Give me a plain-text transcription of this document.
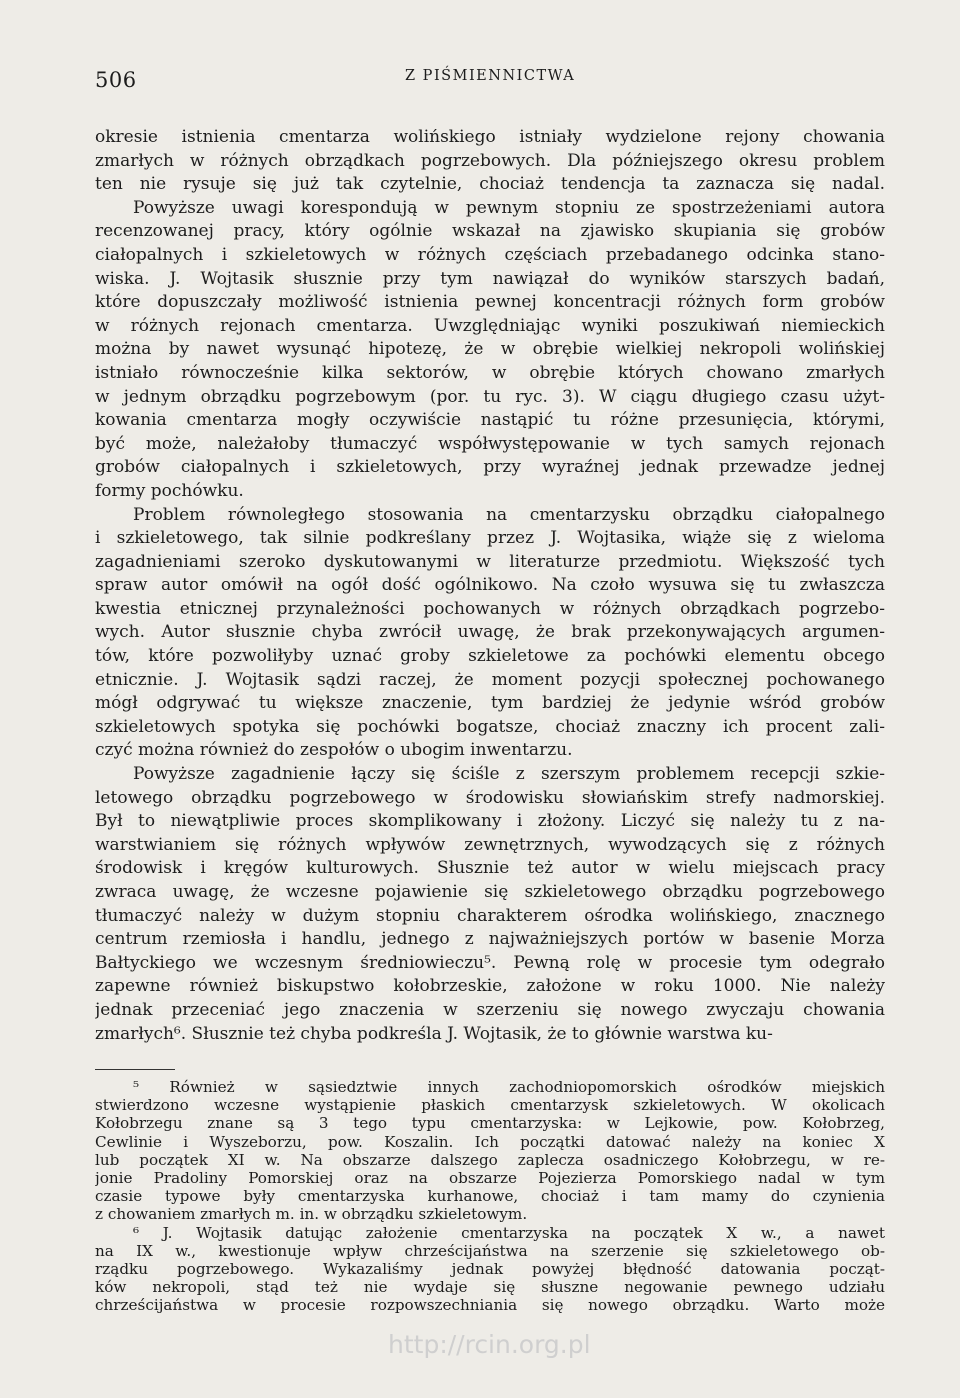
506	Z PIŚMIENNICTWA
okresie istnienia cmentarza wolińskiego istniały wydzielone rejony chowania
zmarłych w różnych obrządkach pogrzebowych. Dla późniejszego okresu problem
ten nie rysuje się już tak czytelnie, chociaż tendencja ta zaznacza się nadal.
Powyższe uwagi korespondują w pewnym stopniu ze spostrzeżeniami autora
recenzowanej pracy, który ogólnie wskazał na zjawisko skupiania się grobów
ciałopalnych i szkieletowych w różnych częściach przebadanego odcinka stano-
wiska. J. Wojtasik słusznie przy tym nawiązał do wyników starszych badań,
które dopuszczały możliwość istnienia pewnej koncentracji różnych form grobów
w różnych rejonach cmentarza. Uwzględniając wyniki poszukiwań niemieckich
można by nawet wysunąć hipotezę, że w obrębie wielkiej nekropoli wolińskiej
istniało równocześnie kilka sektorów, w obrębie których chowano zmarłych
w jednym obrządku pogrzebowym (por. tu ryc. 3). W ciągu długiego czasu użyt-
kowania cmentarza mogły oczywiście nastąpić tu różne przesunięcia, którymi,
być może, należałoby tłumaczyć współwystępowanie w tych samych rejonach
grobów ciałopalnych i szkieletowych, przy wyraźnej jednak przewadze jednej
formy pochówku.
Problem równoległego stosowania na cmentarzysku obrządku ciałopalnego
i szkieletowego, tak silnie podkreślany przez J. Wojtasika, wiąże się z wieloma
zagadnieniami szeroko dyskutowanymi w literaturze przedmiotu. Większość tych
spraw autor omówił na ogół dość ogólnikowo. Na czoło wysuwa się tu zwłaszcza
kwestia etnicznej przynależności pochowanych w różnych obrządkach pogrzebo-
wych. Autor słusznie chyba zwrócił uwagę, że brak przekonywających argumen-
tów, które pozwoliłyby uznać groby szkieletowe za pochówki elementu obcego
etnicznie. J. Wojtasik sądzi raczej, że moment pozycji społecznej pochowanego
mógł odgrywać tu większe znaczenie, tym bardziej że jedynie wśród grobów
szkieletowych spotyka się pochówki bogatsze, chociaż znaczny ich procent zali-
czyć można również do zespołów o ubogim inwentarzu.
Powyższe zagadnienie łączy się ściśle z szerszym problemem recepcji szkie-
letowego obrządku pogrzebowego w środowisku słowiańskim strefy nadmorskiej.
Był to niewątpliwie proces skomplikowany i złożony. Liczyć się należy tu z na-
warstwianiem się różnych wpływów zewnętrznych, wywodzących się z różnych
środowisk i kręgów kulturowych. Słusznie też autor w wielu miejscach pracy
zwraca uwagę, że wczesne pojawienie się szkieletowego obrządku pogrzebowego
tłumaczyć należy w dużym stopniu charakterem ośrodka wolińskiego, znacznego
centrum rzemiosła i handlu, jednego z najważniejszych portów w basenie Morza
Bałtyckiego we wczesnym średniowieczu⁵. Pewną rolę w procesie tym odegrało
zapewne również biskupstwo kołobrzeskie, założone w roku 1000. Nie należy
jednak przeceniać jego znaczenia w szerzeniu się nowego zwyczaju chowania
zmarłych⁶. Słusznie też chyba podkreśla J. Wojtasik, że to głównie warstwa ku-
⁵ Również w sąsiedztwie innych zachodniopomorskich ośrodków miejskich
stwierdzono wczesne wystąpienie płaskich cmentarzysk szkieletowych. W okolicach
Kołobrzegu znane są 3 tego typu cmentarzyska: w Lejkowie, pow. Kołobrzeg,
Cewlinie i Wyszeborzu, pow. Koszalin. Ich początki datować należy na koniec X
lub początek XI w. Na obszarze dalszego zaplecza osadniczego Kołobrzegu, w re-
jonie Pradoliny Pomorskiej oraz na obszarze Pojezierza Pomorskiego nadal w tym
czasie typowe były cmentarzyska kurhanowe, chociaż i tam mamy do czynienia
z chowaniem zmarłych m. in. w obrządku szkieletowym.
⁶ J. Wojtasik datując założenie cmentarzyska na początek X w., a nawet
na IX w., kwestionuje wpływ chrześcijaństwa na szerzenie się szkieletowego ob-
rządku pogrzebowego. Wykazaliśmy jednak powyżej błędność datowania począt-
ków nekropoli, stąd też nie wydaje się słuszne negowanie pewnego udziału
chrześcijaństwa w procesie rozpowszechniania się nowego obrządku. Warto może
http://rcin.org.pl
